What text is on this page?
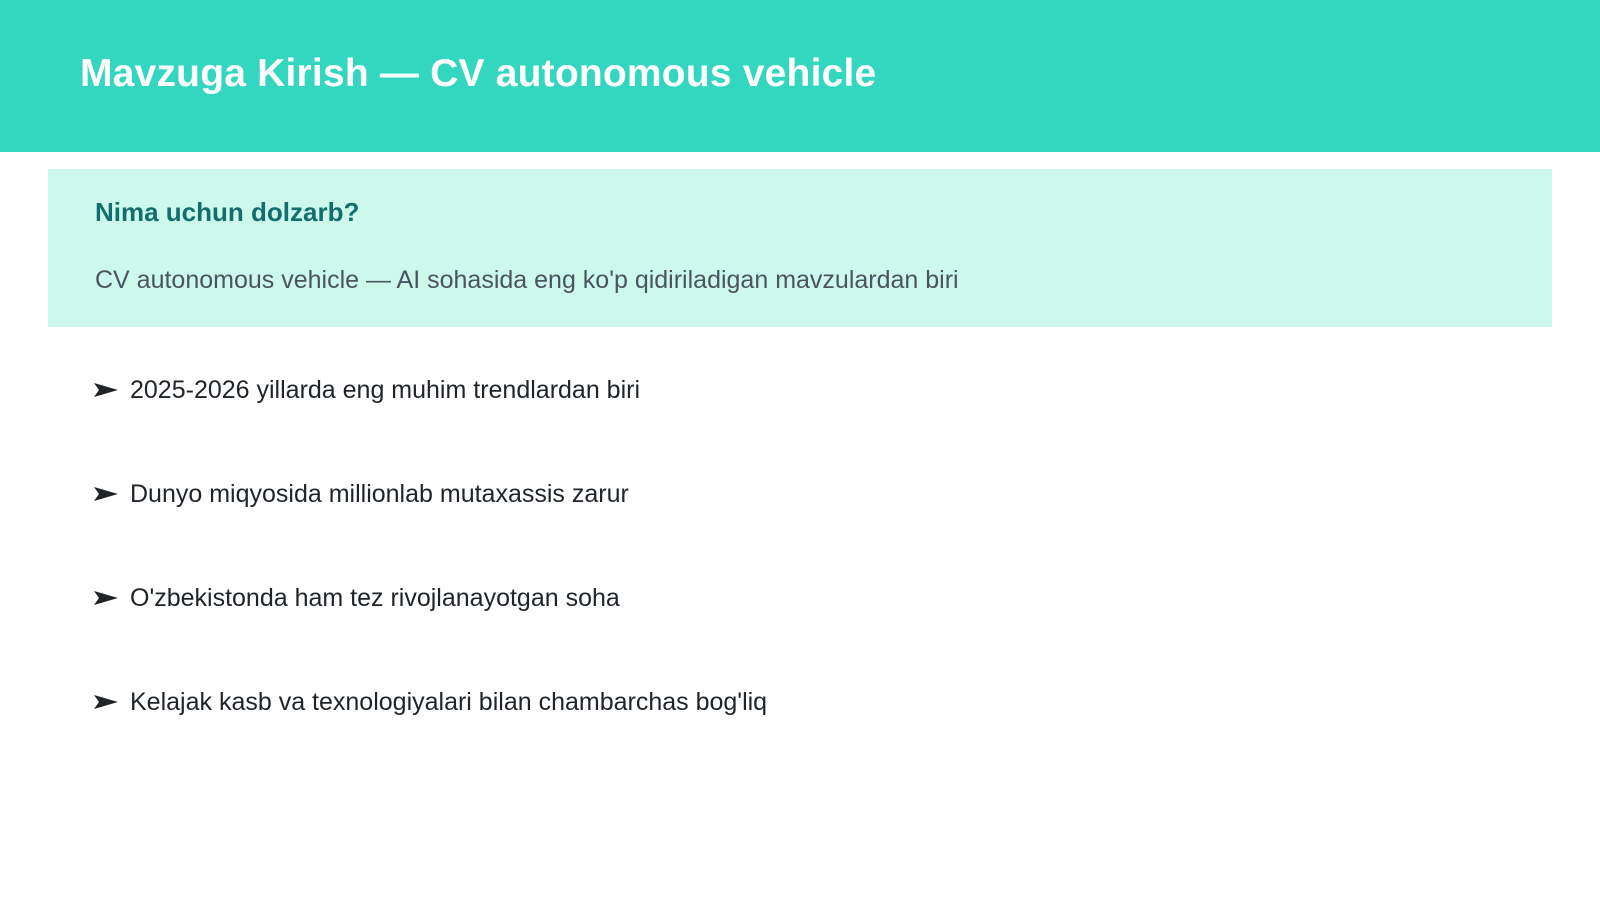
Mavzuga Kirish — CV autonomous vehicle
Nima uchun dolzarb?
CV autonomous vehicle — AI sohasida eng ko'p qidiriladigan mavzulardan biri
2025-2026 yillarda eng muhim trendlardan biri
Dunyo miqyosida millionlab mutaxassis zarur
O'zbekistonda ham tez rivojlanayotgan soha
Kelajak kasb va texnologiyalari bilan chambarchas bog'liq
